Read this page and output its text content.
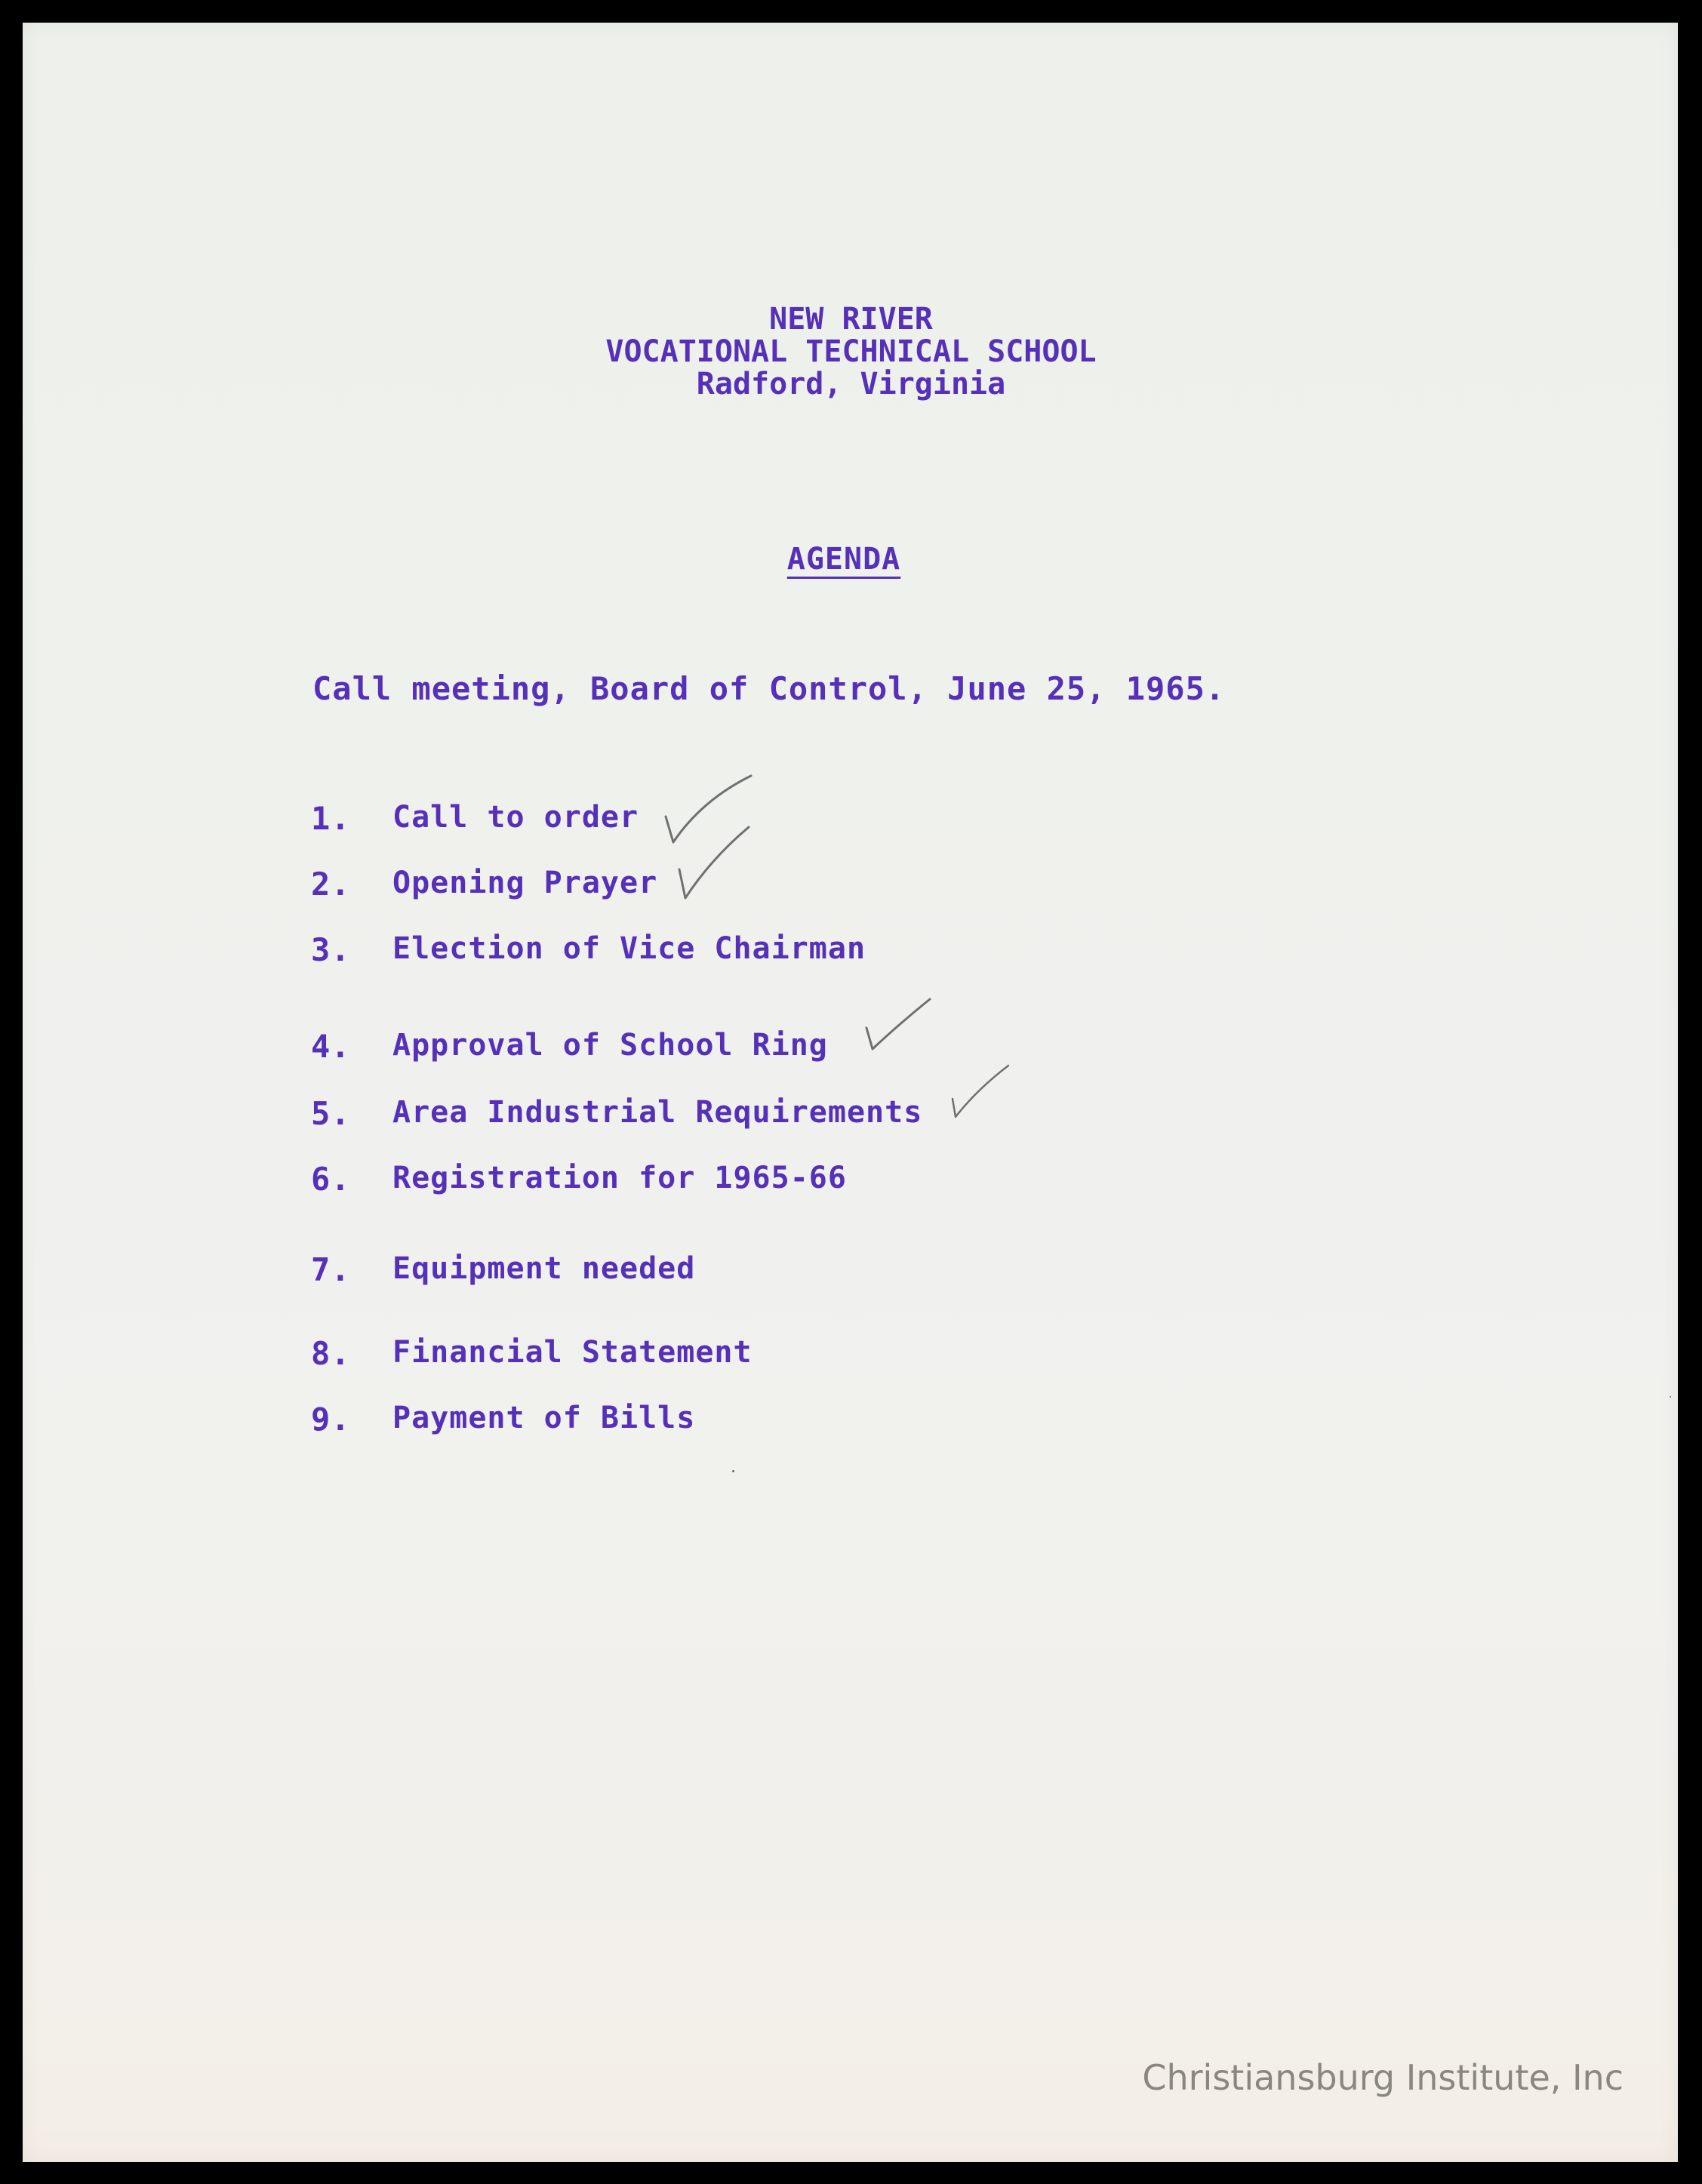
NEW RIVER
VOCATIONAL TECHNICAL SCHOOL
Radford, Virginia
AGENDA
Call meeting, Board of Control, June 25, 1965.
1. Call to order
2. Opening Prayer
3. Election of Vice Chairman
4. Approval of School Ring
5. Area Industrial Requirements
6. Registration for 1965-66
7. Equipment needed
8. Financial Statement
9. Payment of Bills
Christiansburg Institute, Inc
